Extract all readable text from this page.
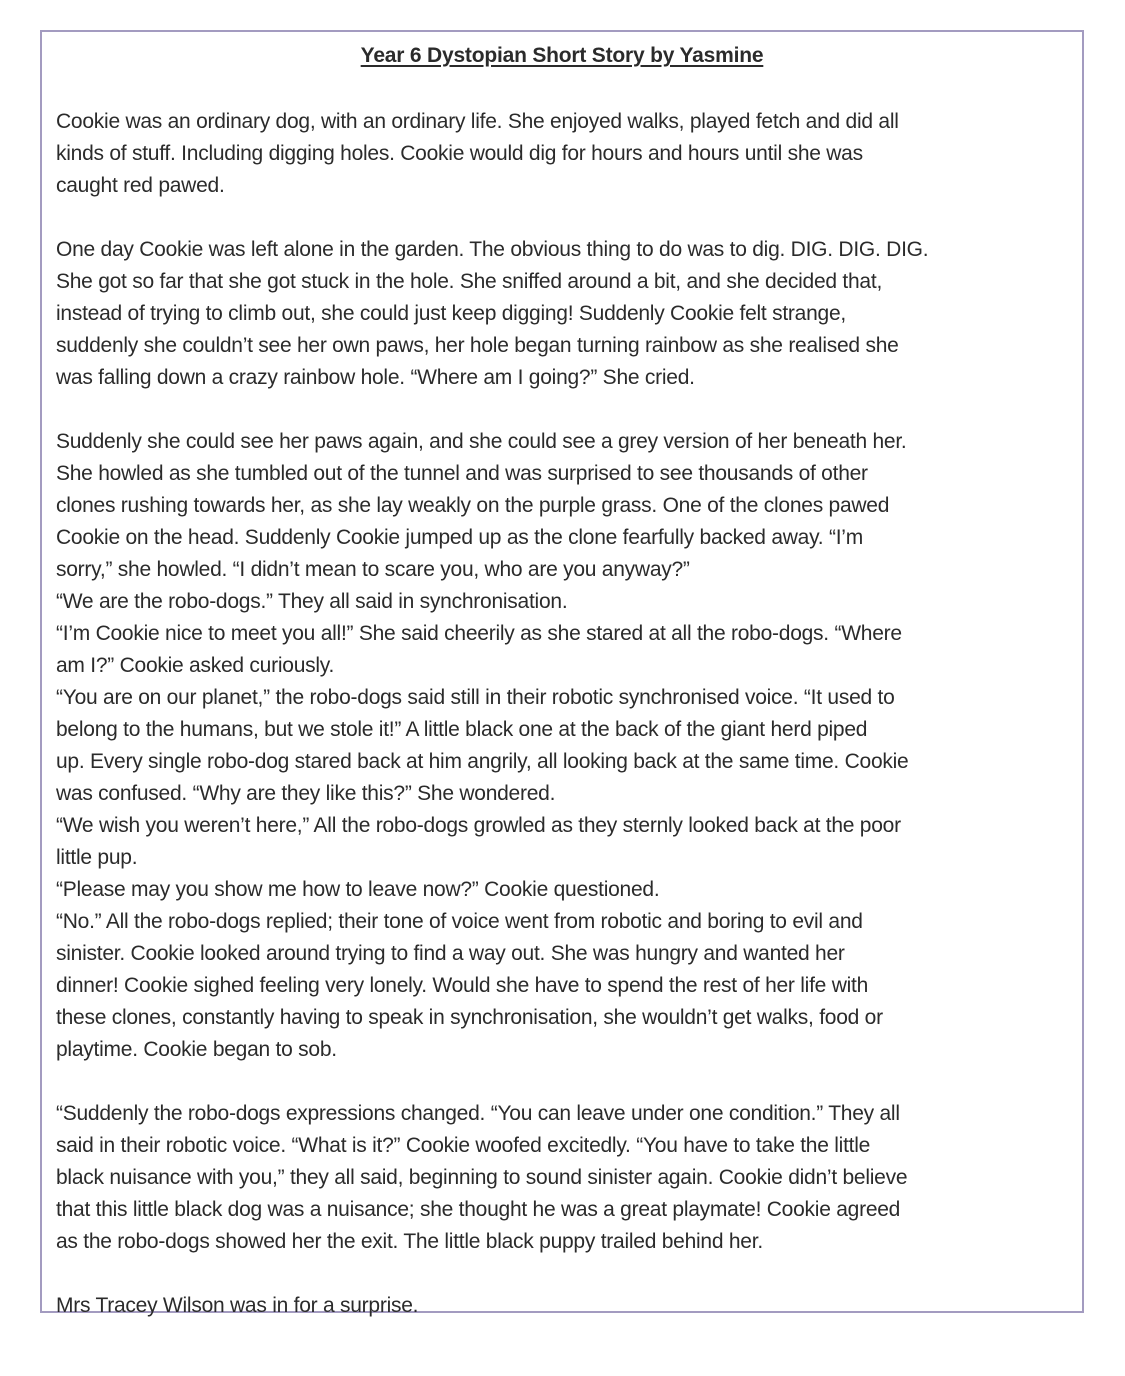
Year 6 Dystopian Short Story by Yasmine

Cookie was an ordinary dog, with an ordinary life. She enjoyed walks, played fetch and did all
kinds of stuff. Including digging holes. Cookie would dig for hours and hours until she was
caught red pawed.

One day Cookie was left alone in the garden. The obvious thing to do was to dig. DIG. DIG. DIG.
She got so far that she got stuck in the hole. She sniffed around a bit, and she decided that,
instead of trying to climb out, she could just keep digging! Suddenly Cookie felt strange,
suddenly she couldn’t see her own paws, her hole began turning rainbow as she realised she
was falling down a crazy rainbow hole. “Where am I going?” She cried.

Suddenly she could see her paws again, and she could see a grey version of her beneath her.
She howled as she tumbled out of the tunnel and was surprised to see thousands of other
clones rushing towards her, as she lay weakly on the purple grass. One of the clones pawed
Cookie on the head. Suddenly Cookie jumped up as the clone fearfully backed away. “I’m
sorry,” she howled. “I didn’t mean to scare you, who are you anyway?”
“We are the robo-dogs.” They all said in synchronisation.
“I’m Cookie nice to meet you all!” She said cheerily as she stared at all the robo-dogs. “Where
am I?” Cookie asked curiously.
“You are on our planet,” the robo-dogs said still in their robotic synchronised voice. “It used to
belong to the humans, but we stole it!” A little black one at the back of the giant herd piped
up. Every single robo-dog stared back at him angrily, all looking back at the same time. Cookie
was confused. “Why are they like this?” She wondered.
“We wish you weren’t here,” All the robo-dogs growled as they sternly looked back at the poor
little pup.
“Please may you show me how to leave now?” Cookie questioned.
“No.” All the robo-dogs replied; their tone of voice went from robotic and boring to evil and
sinister. Cookie looked around trying to find a way out. She was hungry and wanted her
dinner! Cookie sighed feeling very lonely. Would she have to spend the rest of her life with
these clones, constantly having to speak in synchronisation, she wouldn’t get walks, food or
playtime. Cookie began to sob.

“Suddenly the robo-dogs expressions changed. “You can leave under one condition.” They all
said in their robotic voice. “What is it?” Cookie woofed excitedly. “You have to take the little
black nuisance with you,” they all said, beginning to sound sinister again. Cookie didn’t believe
that this little black dog was a nuisance; she thought he was a great playmate! Cookie agreed
as the robo-dogs showed her the exit. The little black puppy trailed behind her.

Mrs Tracey Wilson was in for a surprise.
